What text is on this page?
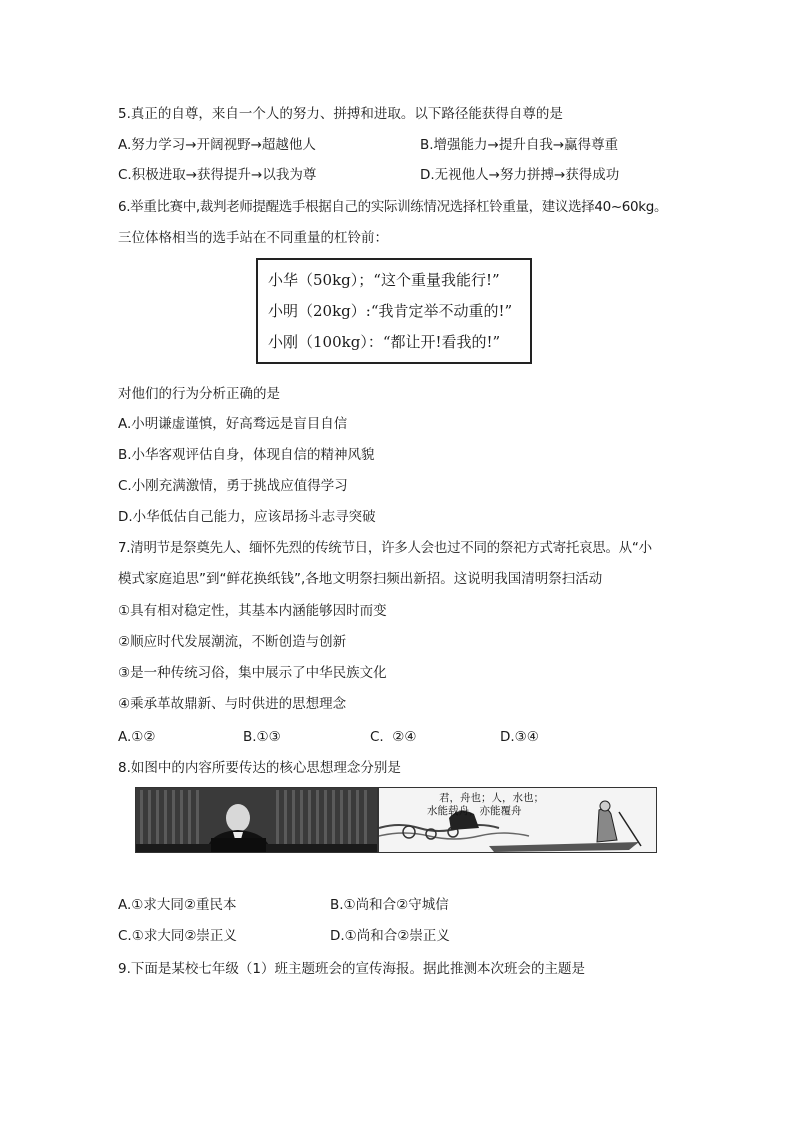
5.真正的自尊，来自一个人的努力、拼搏和进取。以下路径能获得自尊的是
A.努力学习→开阔视野→超越他人	B.增强能力→提升自我→赢得尊重
C.积极进取→获得提升→以我为尊	D.无视他人→努力拼搏→获得成功
6.举重比赛中,裁判老师提醒选手根据自己的实际训练情况选择杠铃重量，建议选择40~60kg。
三位体格相当的选手站在不同重量的杠铃前：
小华（50kg）；“这个重量我能行!”
小明（20kg）:“我肯定举不动重的!”
小刚（100kg）：“都让开!看我的!”
对他们的行为分析正确的是
A.小明谦虚谨慎，好高骛远是盲目自信
B.小华客观评估自身，体现自信的精神风貌
C.小刚充满激情，勇于挑战应值得学习
D.小华低估自己能力，应该昂扬斗志寻突破
7.清明节是祭奠先人、缅怀先烈的传统节日，许多人会也过不同的祭祀方式寄托哀思。从“小
模式家庭追思”到“鲜花换纸钱”,各地文明祭扫频出新招。这说明我国清明祭扫活动
①具有相对稳定性，其基本内涵能够因时而变
②顺应时代发展潮流，不断创造与创新
③是一种传统习俗，集中展示了中华民族文化
④乘承革故鼎新、与时供进的思想理念
A.①②	B.①③	C.  ②④	D.③④
8.如图中的内容所要传达的核心思想理念分别是
君，舟也；人，水也；
水能载舟，亦能覆舟
A.①求大同②重民本	B.①尚和合②守城信
C.①求大同②崇正义	D.①尚和合②崇正义
9.下面是某校七年级（1）班主题班会的宣传海报。据此推测本次班会的主题是
